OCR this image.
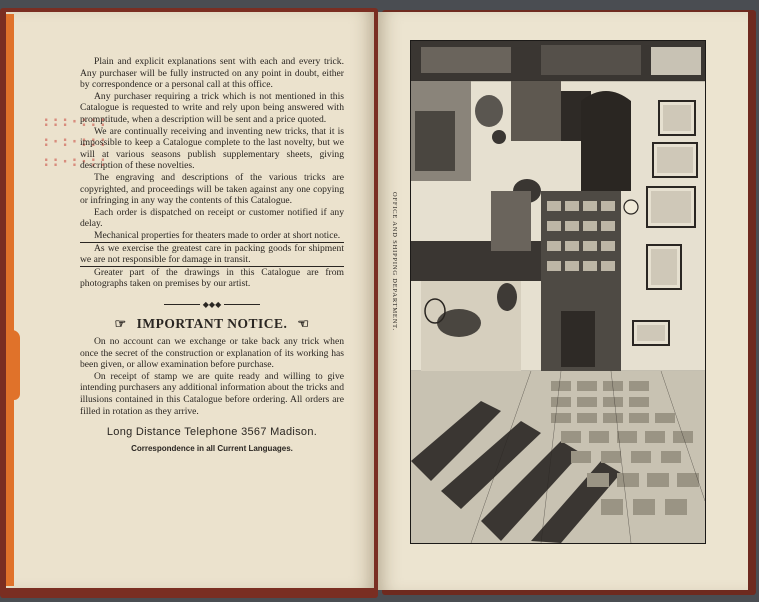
:::·:::
:·:·:::
::·:·::

Plain and explicit explanations sent with each and every trick. Any purchaser will be fully instructed on any point in doubt, either by correspondence or a personal call at this office.

Any purchaser requiring a trick which is not mentioned in this Catalogue is requested to write and rely upon being answered with promptitude, when a description will be sent and a price quoted.

We are continually receiving and inventing new tricks, that it is impossible to keep a Catalogue complete to the last novelty, but we will at various seasons publish supplementary sheets, giving description of these novelties.

The engraving and descriptions of the various tricks are copyrighted, and proceedings will be taken against any one copying or infringing in any way the contents of this Catalogue.

Each order is dispatched on receipt or customer notified if any delay.

Mechanical properties for theaters made to order at short notice.

As we exercise the greatest care in packing goods for shipment we are not responsible for damage in transit.

Greater part of the drawings in this Catalogue are from photographs taken on premises by our artist.

◆◆◆
☞ IMPORTANT NOTICE. ☜

On no account can we exchange or take back any trick when once the secret of the construction or explanation of its working has been given, or allow examination before purchase.

On receipt of stamp we are quite ready and willing to give intending purchasers any additional information about the tricks and illusions contained in this Catalogue before ordering. All orders are filled in rotation as they arrive.

Long Distance Telephone 3567 Madison.
Correspondence in all Current Languages.
OFFICE AND SHIPPING DEPARTMENT.
